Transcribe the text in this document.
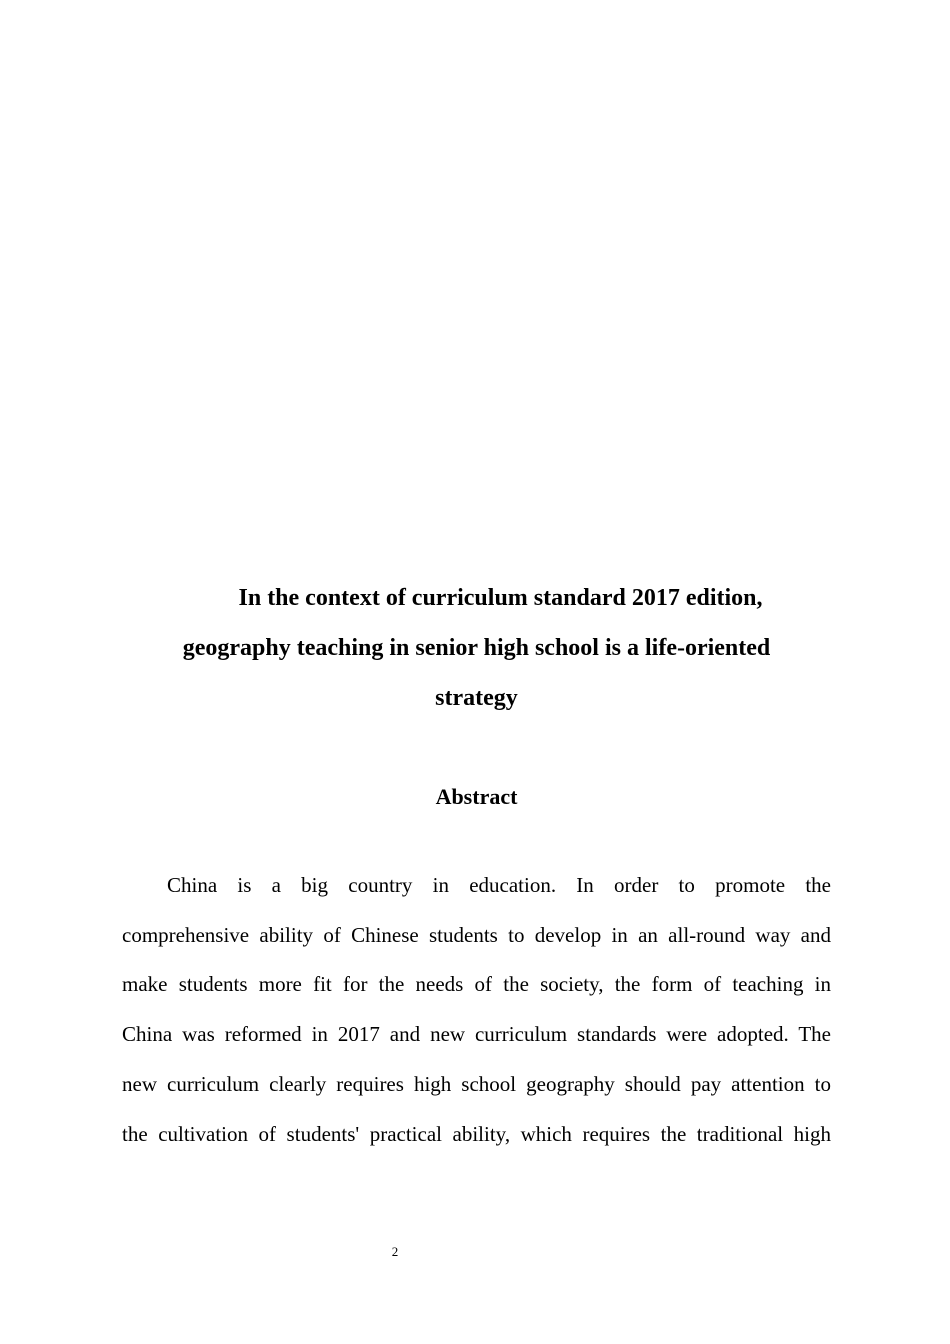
In the context of curriculum standard 2017 edition,
geography teaching in senior high school is a life-oriented
strategy
Abstract
China is a big country in education. In order to promote the
comprehensive ability of Chinese students to develop in an all-round way and
make students more fit for the needs of the society, the form of teaching in
China was reformed in 2017 and new curriculum standards were adopted. The
new curriculum clearly requires high school geography should pay attention to
the cultivation of students' practical ability, which requires the traditional high
2
